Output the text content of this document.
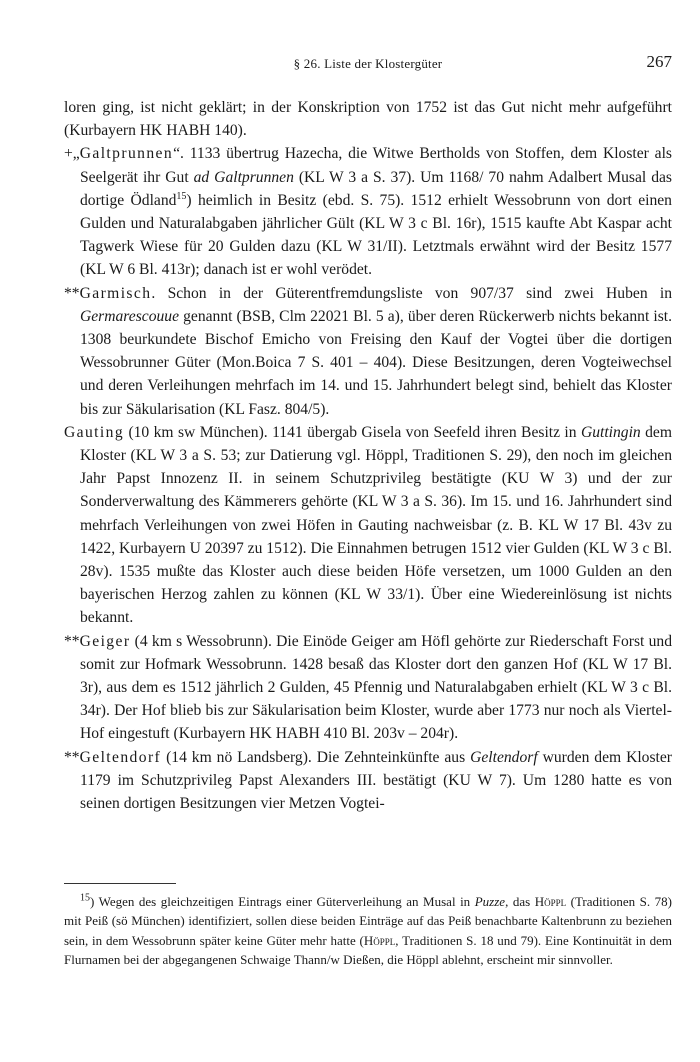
§ 26. Liste der Klostergüter	267

loren ging, ist nicht geklärt; in der Konskription von 1752 ist das Gut nicht mehr aufgeführt (Kurbayern HK HABH 140).

+„Galtprunnen“. 1133 übertrug Hazecha, die Witwe Bertholds von Stoffen, dem Kloster als Seelgerät ihr Gut ad Galtprunnen (KL W 3 a S. 37). Um 1168/ 70 nahm Adalbert Musal das dortige Ödland$^{15}$) heimlich in Besitz (ebd. S. 75). 1512 erhielt Wessobrunn von dort einen Gulden und Naturalabgaben jährlicher Gült (KL W 3 c Bl. 16r), 1515 kaufte Abt Kaspar acht Tagwerk Wiese für 20 Gulden dazu (KL W 31/II). Letztmals erwähnt wird der Besitz 1577 (KL W 6 Bl. 413r); danach ist er wohl verödet.

**Garmisch. Schon in der Güterentfremdungsliste von 907/37 sind zwei Huben in Germarescouue genannt (BSB, Clm 22021 Bl. 5 a), über deren Rückerwerb nichts bekannt ist. 1308 beurkundete Bischof Emicho von Freising den Kauf der Vogtei über die dortigen Wessobrunner Güter (Mon.Boica 7 S. 401 – 404). Diese Besitzungen, deren Vogteiwechsel und deren Verleihungen mehrfach im 14. und 15. Jahrhundert belegt sind, behielt das Kloster bis zur Säkularisation (KL Fasz. 804/5).

Gauting (10 km sw München). 1141 übergab Gisela von Seefeld ihren Besitz in Guttingin dem Kloster (KL W 3 a S. 53; zur Datierung vgl. Höppl, Traditionen S. 29), den noch im gleichen Jahr Papst Innozenz II. in seinem Schutzprivileg bestätigte (KU W 3) und der zur Sonderverwaltung des Kämmerers gehörte (KL W 3 a S. 36). Im 15. und 16. Jahrhundert sind mehrfach Verleihungen von zwei Höfen in Gauting nachweisbar (z. B. KL W 17 Bl. 43v zu 1422, Kurbayern U 20397 zu 1512). Die Einnahmen betrugen 1512 vier Gulden (KL W 3 c Bl. 28v). 1535 mußte das Kloster auch diese beiden Höfe versetzen, um 1000 Gulden an den bayerischen Herzog zahlen zu können (KL W 33/1). Über eine Wiedereinlösung ist nichts bekannt.

**Geiger (4 km s Wessobrunn). Die Einöde Geiger am Höfl gehörte zur Riederschaft Forst und somit zur Hofmark Wessobrunn. 1428 besaß das Kloster dort den ganzen Hof (KL W 17 Bl. 3r), aus dem es 1512 jährlich 2 Gulden, 45 Pfennig und Naturalabgaben erhielt (KL W 3 c Bl. 34r). Der Hof blieb bis zur Säkularisation beim Kloster, wurde aber 1773 nur noch als Viertel-Hof eingestuft (Kurbayern HK HABH 410 Bl. 203v – 204r).

**Geltendorf (14 km nö Landsberg). Die Zehnteinkünfte aus Geltendorf wurden dem Kloster 1179 im Schutzprivileg Papst Alexanders III. bestätigt (KU W 7). Um 1280 hatte es von seinen dortigen Besitzungen vier Metzen Vogtei-

$^{15}$) Wegen des gleichzeitigen Eintrags einer Güterverleihung an Musal in Puzze, das Höppl (Traditionen S. 78) mit Peiß (sö München) identifiziert, sollen diese beiden Einträge auf das Peiß benachbarte Kaltenbrunn zu beziehen sein, in dem Wessobrunn später keine Güter mehr hatte (Höppl, Traditionen S. 18 und 79). Eine Kontinuität in dem Flurnamen bei der abgegangenen Schwaige Thann/w Dießen, die Höppl ablehnt, erscheint mir sinnvoller.
